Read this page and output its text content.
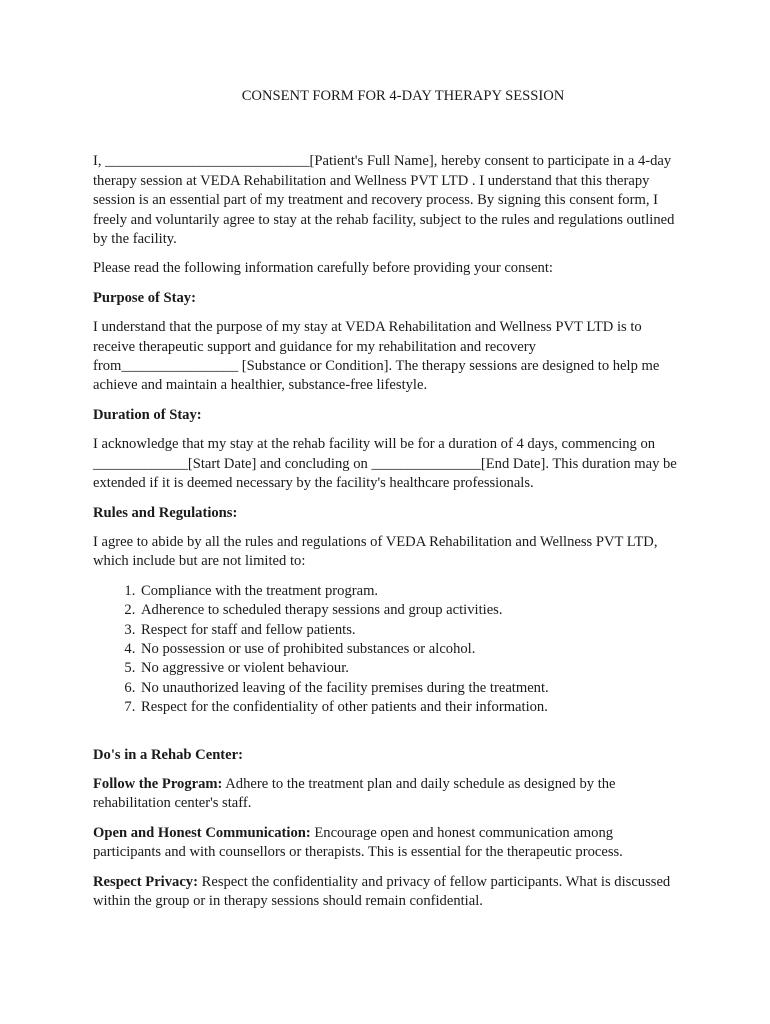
CONSENT FORM FOR 4-DAY THERAPY SESSION

I, ____________________________[Patient's Full Name], hereby consent to participate in a 4-day therapy session at VEDA Rehabilitation and Wellness PVT LTD . I understand that this therapy session is an essential part of my treatment and recovery process. By signing this consent form, I freely and voluntarily agree to stay at the rehab facility, subject to the rules and regulations outlined by the facility.

Please read the following information carefully before providing your consent:

Purpose of Stay:

I understand that the purpose of my stay at VEDA Rehabilitation and Wellness PVT LTD is to receive therapeutic support and guidance for my rehabilitation and recovery from________________ [Substance or Condition]. The therapy sessions are designed to help me achieve and maintain a healthier, substance-free lifestyle.

Duration of Stay:

I acknowledge that my stay at the rehab facility will be for a duration of 4 days, commencing on _____________[Start Date] and concluding on _______________[End Date]. This duration may be extended if it is deemed necessary by the facility's healthcare professionals.

Rules and Regulations:

I agree to abide by all the rules and regulations of VEDA Rehabilitation and Wellness PVT LTD, which include but are not limited to:

1. Compliance with the treatment program.
2. Adherence to scheduled therapy sessions and group activities.
3. Respect for staff and fellow patients.
4. No possession or use of prohibited substances or alcohol.
5. No aggressive or violent behaviour.
6. No unauthorized leaving of the facility premises during the treatment.
7. Respect for the confidentiality of other patients and their information.
Do's in a Rehab Center:

Follow the Program: Adhere to the treatment plan and daily schedule as designed by the rehabilitation center's staff.

Open and Honest Communication: Encourage open and honest communication among participants and with counsellors or therapists. This is essential for the therapeutic process.

Respect Privacy: Respect the confidentiality and privacy of fellow participants. What is discussed within the group or in therapy sessions should remain confidential.
